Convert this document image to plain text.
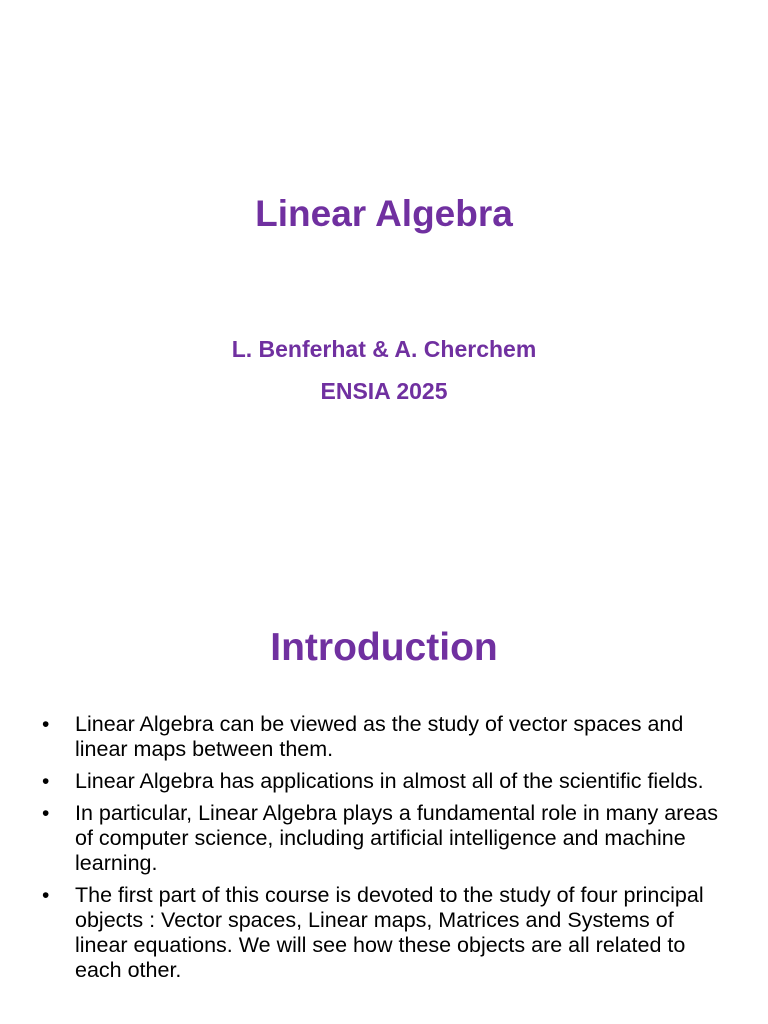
Linear Algebra
L. Benferhat & A. Cherchem
ENSIA 2025
Introduction
•	Linear Algebra can be viewed as the study of vector spaces and linear maps between them.
•	Linear Algebra has applications in almost all of the scientific fields.
•	In particular, Linear Algebra plays a fundamental role in many areas of computer science, including artificial intelligence and machine learning.
•	The first part of this course is devoted to the study of four principal objects : Vector spaces, Linear maps, Matrices and Systems of linear equations. We will see how these objects are all related to each other.
